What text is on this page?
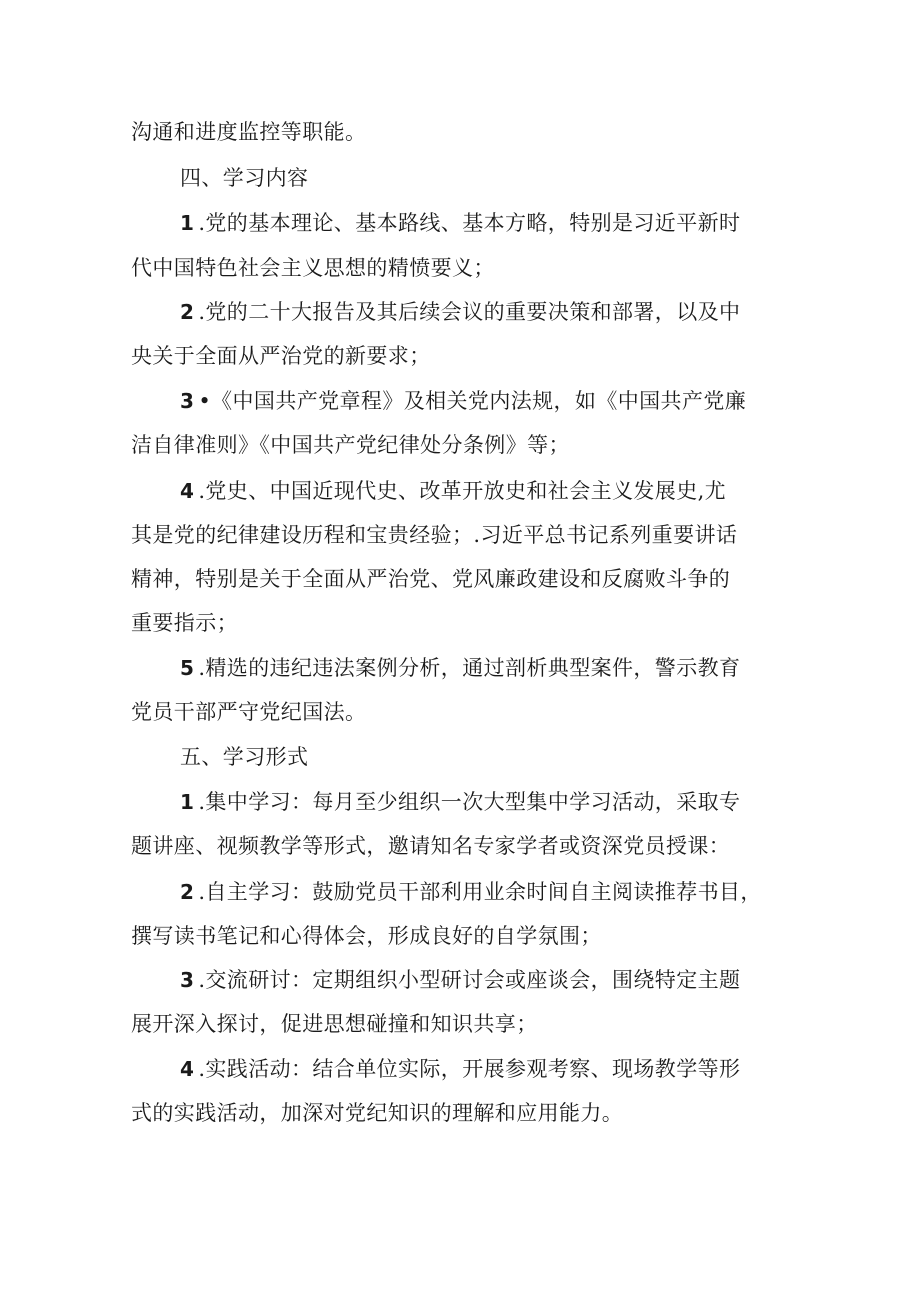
沟通和进度监控等职能。
四、学习内容
1 .党的基本理论、基本路线、基本方略，特别是习近平新时
代中国特色社会主义思想的精愤要义；
2 .党的二十大报告及其后续会议的重要决策和部署，以及中
央关于全面从严治党的新要求；
3 •《中国共产党章程》及相关党内法规，如《中国共产党廉
洁自律准则》《中国共产党纪律处分条例》等；
4 .党史、中国近现代史、改革开放史和社会主义发展史,尤
其是党的纪律建设历程和宝贵经验；.习近平总书记系列重要讲话
精神，特别是关于全面从严治党、党风廉政建设和反腐败斗争的
重要指示；
5 .精选的违纪违法案例分析，通过剖析典型案件，警示教育
党员干部严守党纪国法。
五、学习形式
1 .集中学习：每月至少组织一次大型集中学习活动，采取专
题讲座、视频教学等形式，邀请知名专家学者或资深党员授课：
2 .自主学习：鼓励党员干部利用业余时间自主阅读推荐书目，
撰写读书笔记和心得体会，形成良好的自学氛围；
3 .交流研讨：定期组织小型研讨会或座谈会，围绕特定主题
展开深入探讨，促进思想碰撞和知识共享；
4 .实践活动：结合单位实际，开展参观考察、现场教学等形
式的实践活动，加深对党纪知识的理解和应用能力。
